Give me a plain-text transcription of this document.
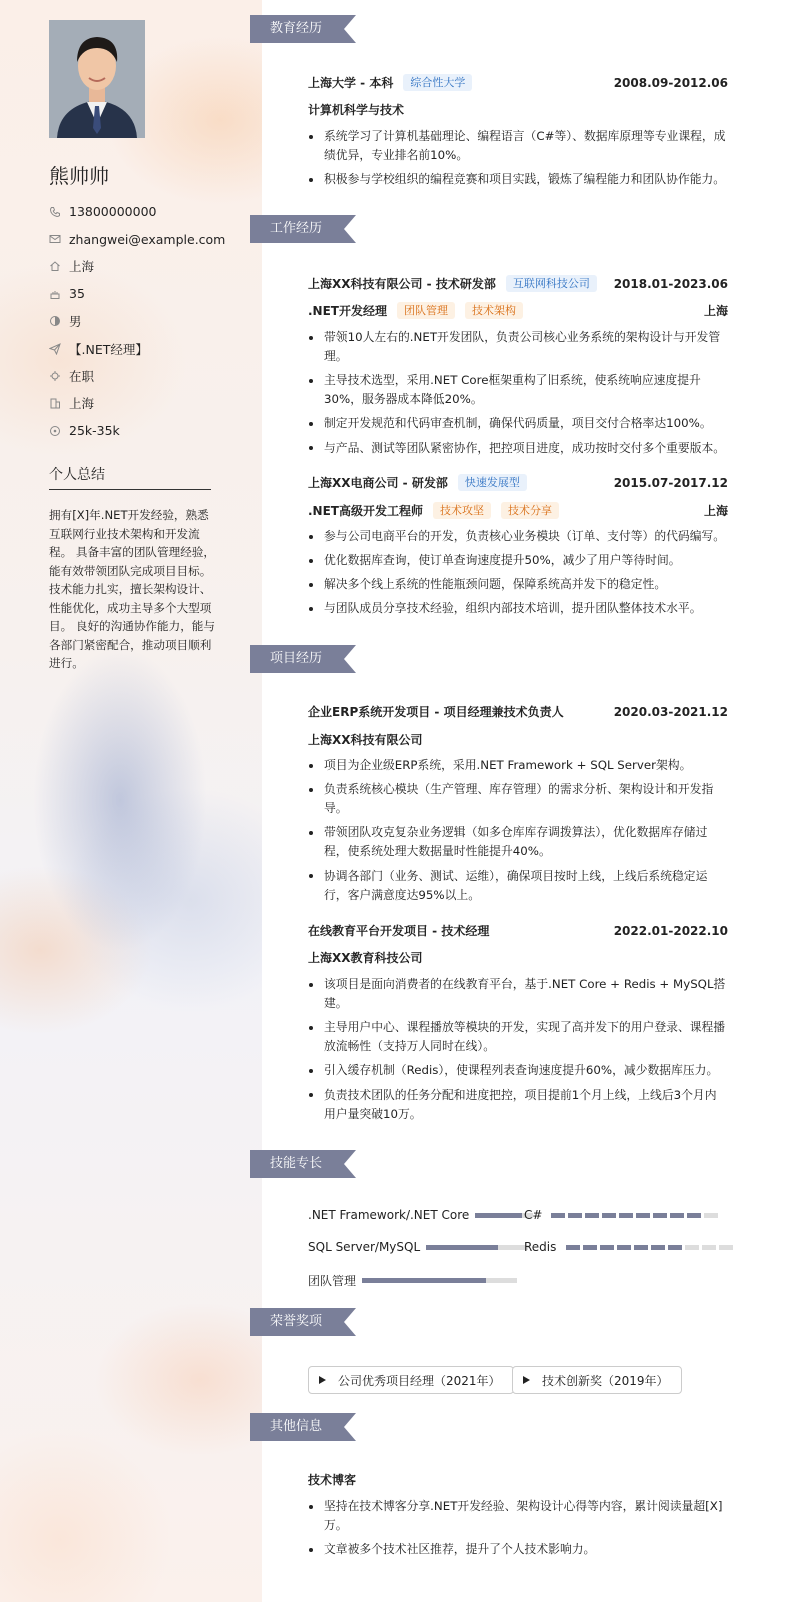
熊帅帅
13800000000
zhangwei@example.com
上海
35
男
【.NET经理】
在职
上海
25k-35k
个人总结
拥有[X]年.NET开发经验，熟悉互联网行业技术架构和开发流程。 具备丰富的团队管理经验，能有效带领团队完成项目目标。 技术能力扎实，擅长架构设计、性能优化，成功主导多个大型项目。 良好的沟通协作能力，能与各部门紧密配合，推动项目顺利进行。
教育经历
上海大学 - 本科	综合性大学	2008.09-2012.06
计算机科学与技术
系统学习了计算机基础理论、编程语言（C#等）、数据库原理等专业课程，成绩优异，专业排名前10%。
积极参与学校组织的编程竞赛和项目实践，锻炼了编程能力和团队协作能力。
工作经历
上海XX科技有限公司 - 技术研发部	互联网科技公司	2018.01-2023.06
.NET开发经理	团队管理	技术架构	上海
带领10人左右的.NET开发团队，负责公司核心业务系统的架构设计与开发管理。
主导技术选型，采用.NET Core框架重构了旧系统，使系统响应速度提升30%，服务器成本降低20%。
制定开发规范和代码审查机制，确保代码质量，项目交付合格率达100%。
与产品、测试等团队紧密协作，把控项目进度，成功按时交付多个重要版本。
上海XX电商公司 - 研发部	快速发展型	2015.07-2017.12
.NET高级开发工程师	技术攻坚	技术分享	上海
参与公司电商平台的开发，负责核心业务模块（订单、支付等）的代码编写。
优化数据库查询，使订单查询速度提升50%，减少了用户等待时间。
解决多个线上系统的性能瓶颈问题，保障系统高并发下的稳定性。
与团队成员分享技术经验，组织内部技术培训，提升团队整体技术水平。
项目经历
企业ERP系统开发项目 - 项目经理兼技术负责人	2020.03-2021.12
上海XX科技有限公司
项目为企业级ERP系统，采用.NET Framework + SQL Server架构。
负责系统核心模块（生产管理、库存管理）的需求分析、架构设计和开发指导。
带领团队攻克复杂业务逻辑（如多仓库库存调拨算法），优化数据库存储过程，使系统处理大数据量时性能提升40%。
协调各部门（业务、测试、运维），确保项目按时上线，上线后系统稳定运行，客户满意度达95%以上。
在线教育平台开发项目 - 技术经理	2022.01-2022.10
上海XX教育科技公司
该项目是面向消费者的在线教育平台，基于.NET Core + Redis + MySQL搭建。
主导用户中心、课程播放等模块的开发，实现了高并发下的用户登录、课程播放流畅性（支持万人同时在线）。
引入缓存机制（Redis），使课程列表查询速度提升60%，减少数据库压力。
负责技术团队的任务分配和进度把控，项目提前1个月上线，上线后3个月内用户量突破10万。
技能专长
.NET Framework/.NET Core	C#
SQL Server/MySQL	Redis
团队管理
荣誉奖项
公司优秀项目经理（2021年）	技术创新奖（2019年）
其他信息
技术博客
坚持在技术博客分享.NET开发经验、架构设计心得等内容，累计阅读量超[X]万。
文章被多个技术社区推荐，提升了个人技术影响力。
